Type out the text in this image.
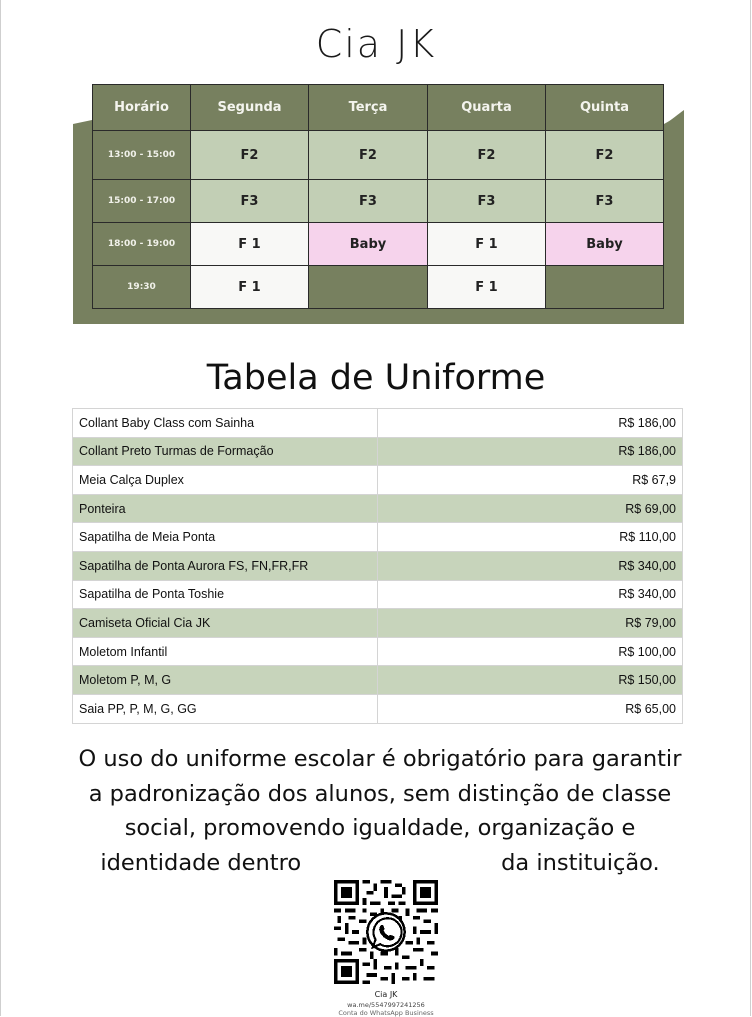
Cia JK
Horário	Segunda	Terça	Quarta	Quinta
13:00 - 15:00	F2	F2	F2	F2
15:00 - 17:00	F3	F3	F3	F3
18:00 - 19:00	F 1	Baby	F 1	Baby
19:30	F 1		F 1	
Tabela de Uniforme
Collant Baby Class com Sainha	R$ 186,00
Collant Preto Turmas de Formação	R$ 186,00
Meia Calça Duplex	R$ 67,9
Ponteira	R$ 69,00
Sapatilha de Meia Ponta	R$ 110,00
Sapatilha de Ponta Aurora FS, FN,FR,FR	R$ 340,00
Sapatilha de Ponta Toshie	R$ 340,00
Camiseta Oficial Cia JK	R$ 79,00
Moletom Infantil	R$ 100,00
Moletom P, M, G	R$ 150,00
Saia PP, P, M, G, GG	R$ 65,00
O uso do uniforme escolar é obrigatório para garantir
a padronização dos alunos, sem distinção de classe
social, promovendo igualdade, organização e
identidade dentro	da instituição.
Cia JK
wa.me/5547997241256
Conta do WhatsApp Business
